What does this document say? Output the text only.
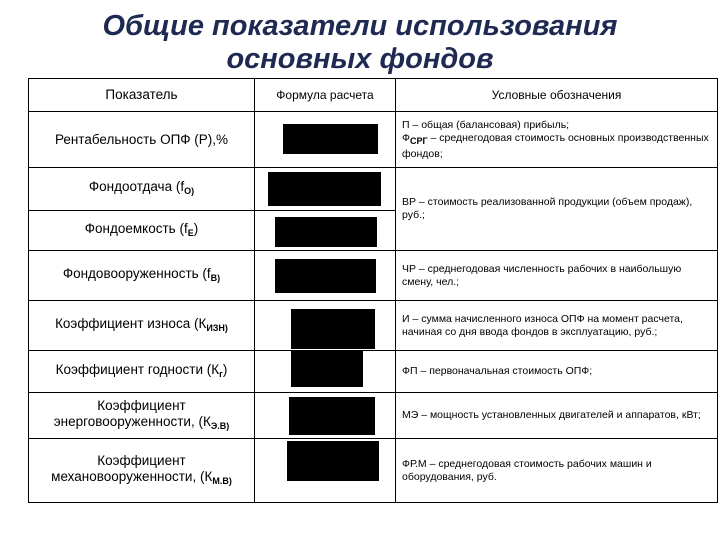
Общие показатели использования
основных фондов
Показатель	Формула расчета	Условные обозначения

Рентабельность ОПФ (Р),%		П – общая (балансовая) прибыль;
$Ф_{СРГ}$ – среднегодовая стоимость основных производственных фондов;

Фондоотдача ($f_{O)}$		ВР – стоимость реализованной продукции (объем продаж), руб.;

Фондоемкость $(f_E)$		

Фондовооруженность ($f_{B)}$		ЧР – среднегодовая численность рабочих в наибольшую смену, чел.;

Коэффициент износа ($К_{ИЗН)}$		И – сумма начисленного износа ОПФ на момент расчета, начиная со дня ввода фондов в эксплуатацию, руб.;

Коэффициент годности $(К_г)$		ФП – первоначальная стоимость ОПФ;

Коэффициент энерговооруженности, ($К_{Э.В)}$		МЭ – мощность установленных двигателей и аппаратов, кВт;

Коэффициент механовооруженности, ($К_{М.В)}$		ФР.М – среднегодовая стоимость рабочих машин и оборудования, руб.
